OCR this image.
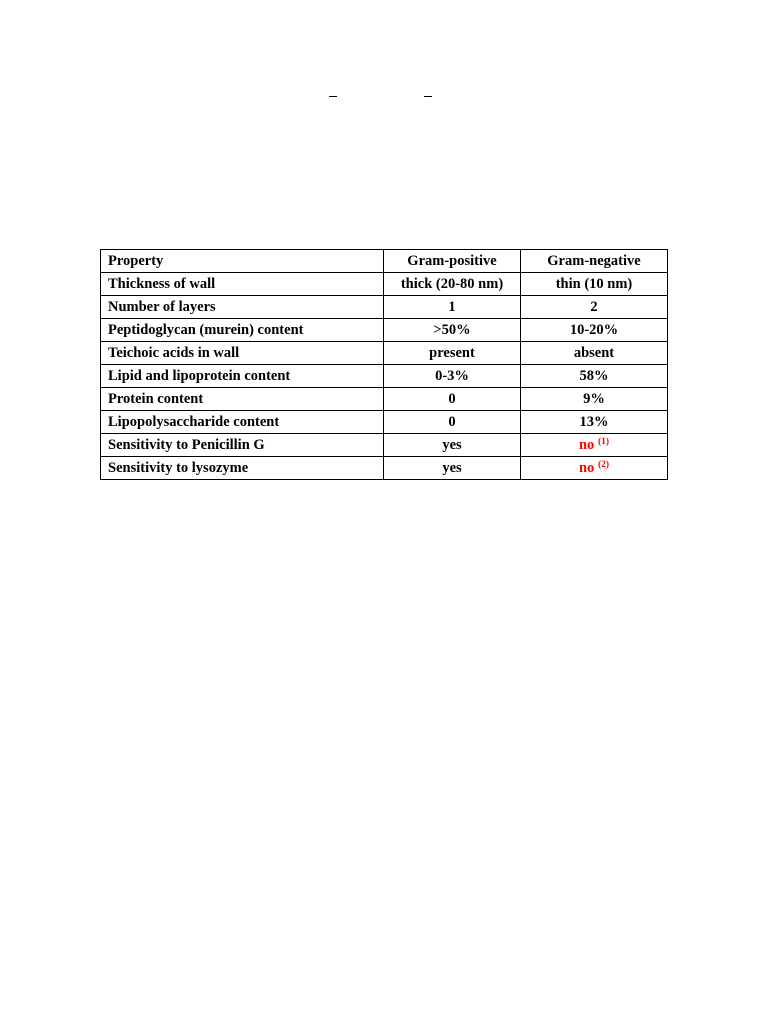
Property	Gram-positive	Gram-negative
Thickness of wall	thick (20-80 nm)	thin (10 nm)
Number of layers	1	2
Peptidoglycan (murein) content	>50%	10-20%
Teichoic acids in wall	present	absent
Lipid and lipoprotein content	0-3%	58%
Protein content	0	9%
Lipopolysaccharide content	0	13%
Sensitivity to Penicillin G	yes	no $^{(1)}$
Sensitivity to lysozyme	yes	no $^{(2)}$
